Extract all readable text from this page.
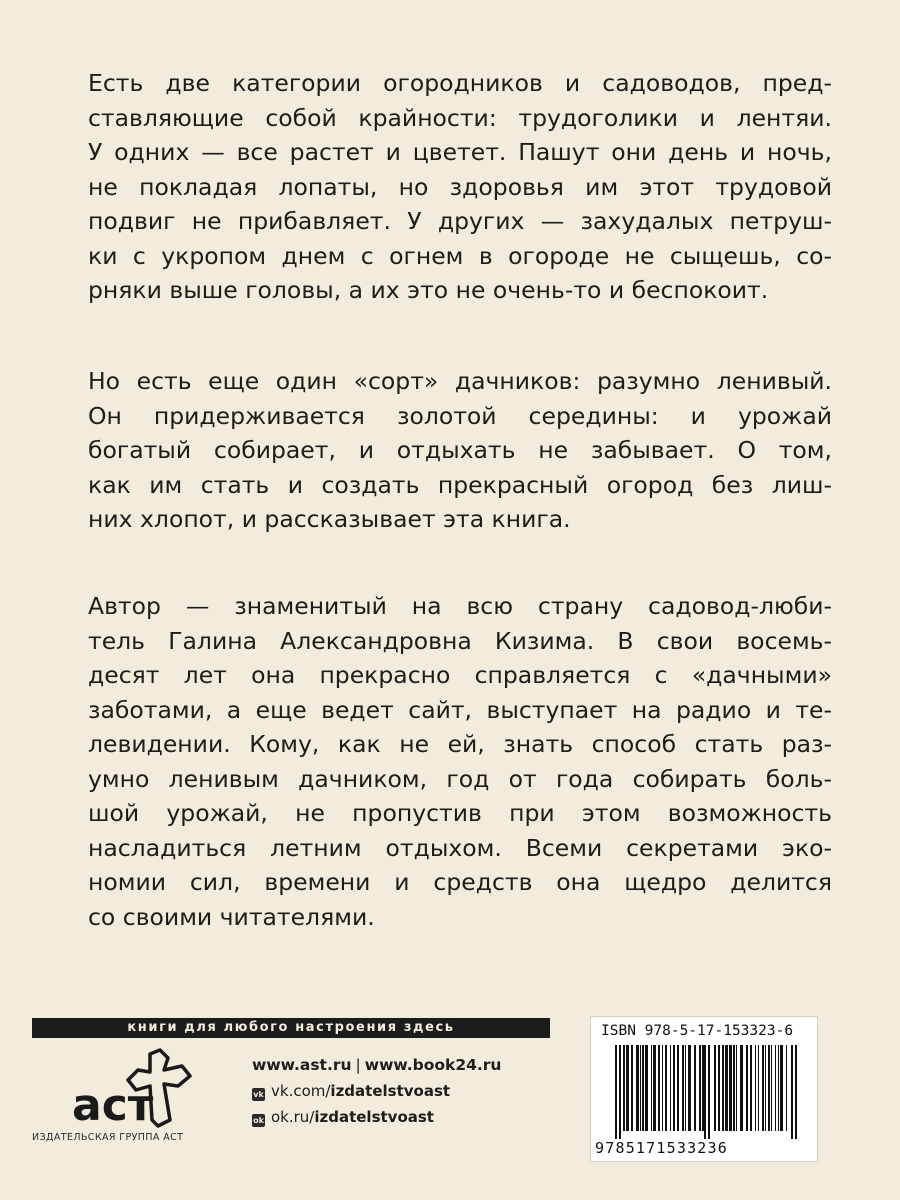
Есть две категории огородников и садоводов, пред-
ставляющие собой крайности: трудоголики и лентяи.
У одних — все растет и цветет. Пашут они день и ночь,
не покладая лопаты, но здоровья им этот трудовой
подвиг не прибавляет. У других — захудалых петруш-
ки с укропом днем с огнем в огороде не сыщешь, со-
рняки выше головы, а их это не очень-то и беспокоит.
Но есть еще один «сорт» дачников: разумно ленивый.
Он придерживается золотой середины: и урожай
богатый собирает, и отдыхать не забывает. О том,
как им стать и создать прекрасный огород без лиш-
них хлопот, и рассказывает эта книга.
Автор — знаменитый на всю страну садовод-люби-
тель Галина Александровна Кизима. В свои восемь-
десят лет она прекрасно справляется с «дачными»
заботами, а еще ведет сайт, выступает на радио и те-
левидении. Кому, как не ей, знать способ стать раз-
умно ленивым дачником, год от года собирать боль-
шой урожай, не пропустив при этом возможность
насладиться летним отдыхом. Всеми секретами эко-
номии сил, времени и средств она щедро делится
со своими читателями.
книги для любого настроения здесь
аст
ИЗДАТЕЛЬСКАЯ ГРУППА АСТ
www.ast.ru | www.book24.ru
vk vk.com/izdatelstvoast
ok ok.ru/izdatelstvoast
ISBN 978-5-17-153323-6
9785171533236
